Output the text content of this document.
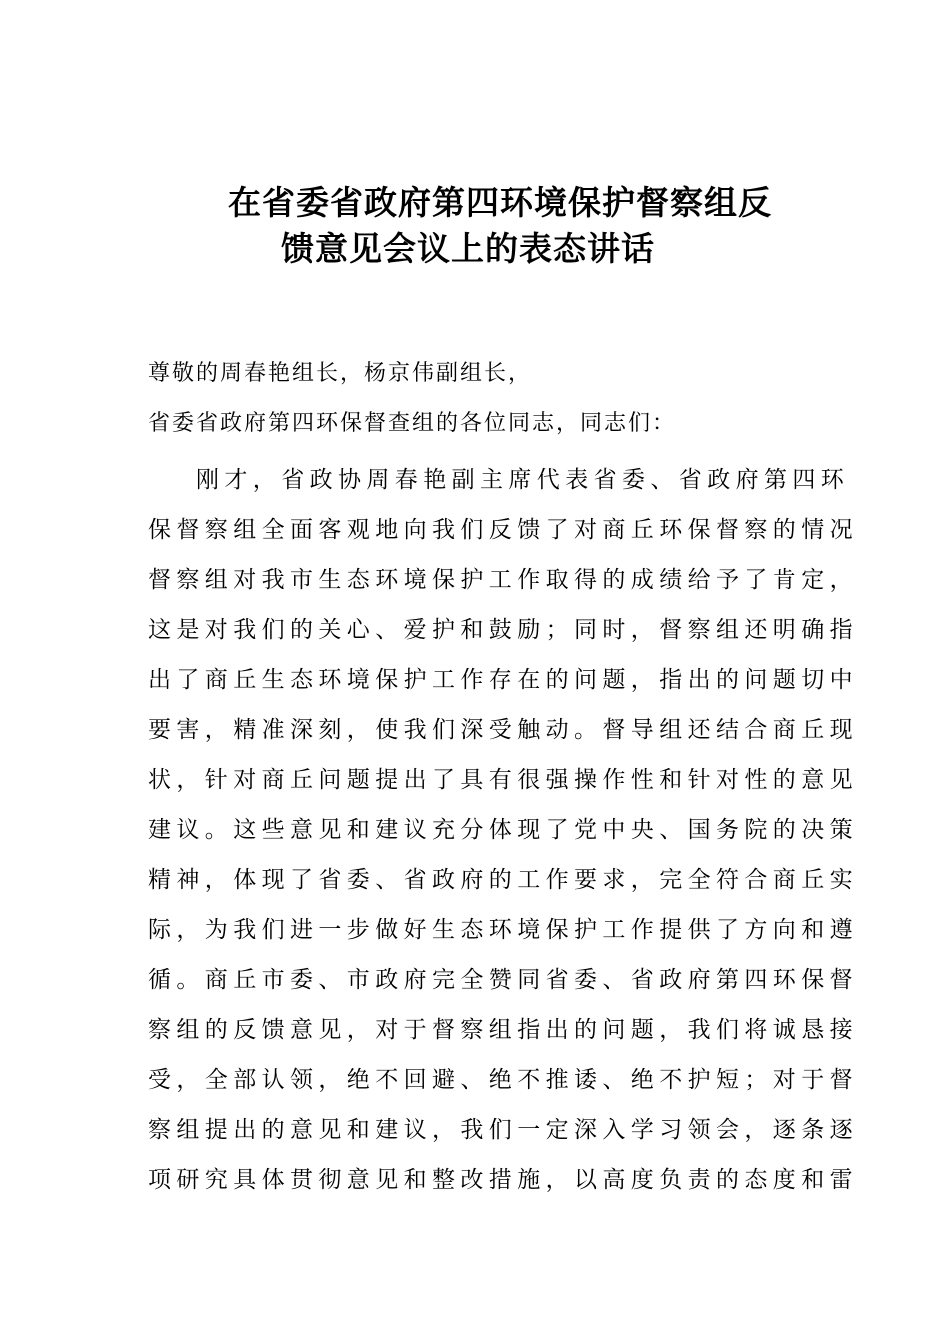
在省委省政府第四环境保护督察组反
馈意见会议上的表态讲话

尊敬的周春艳组长，杨京伟副组长，

省委省政府第四环保督查组的各位同志，同志们：

刚才，省政协周春艳副主席代表省委、省政府第四环
保督察组全面客观地向我们反馈了对商丘环保督察的情况
督察组对我市生态环境保护工作取得的成绩给予了肯定，
这是对我们的关心、爱护和鼓励；同时，督察组还明确指
出了商丘生态环境保护工作存在的问题，指出的问题切中
要害，精准深刻，使我们深受触动。督导组还结合商丘现
状，针对商丘问题提出了具有很强操作性和针对性的意见
建议。这些意见和建议充分体现了党中央、国务院的决策
精神，体现了省委、省政府的工作要求，完全符合商丘实
际，为我们进一步做好生态环境保护工作提供了方向和遵
循。商丘市委、市政府完全赞同省委、省政府第四环保督
察组的反馈意见，对于督察组指出的问题，我们将诚恳接
受，全部认领，绝不回避、绝不推诿、绝不护短；对于督
察组提出的意见和建议，我们一定深入学习领会，逐条逐
项研究具体贯彻意见和整改措施，以高度负责的态度和雷
